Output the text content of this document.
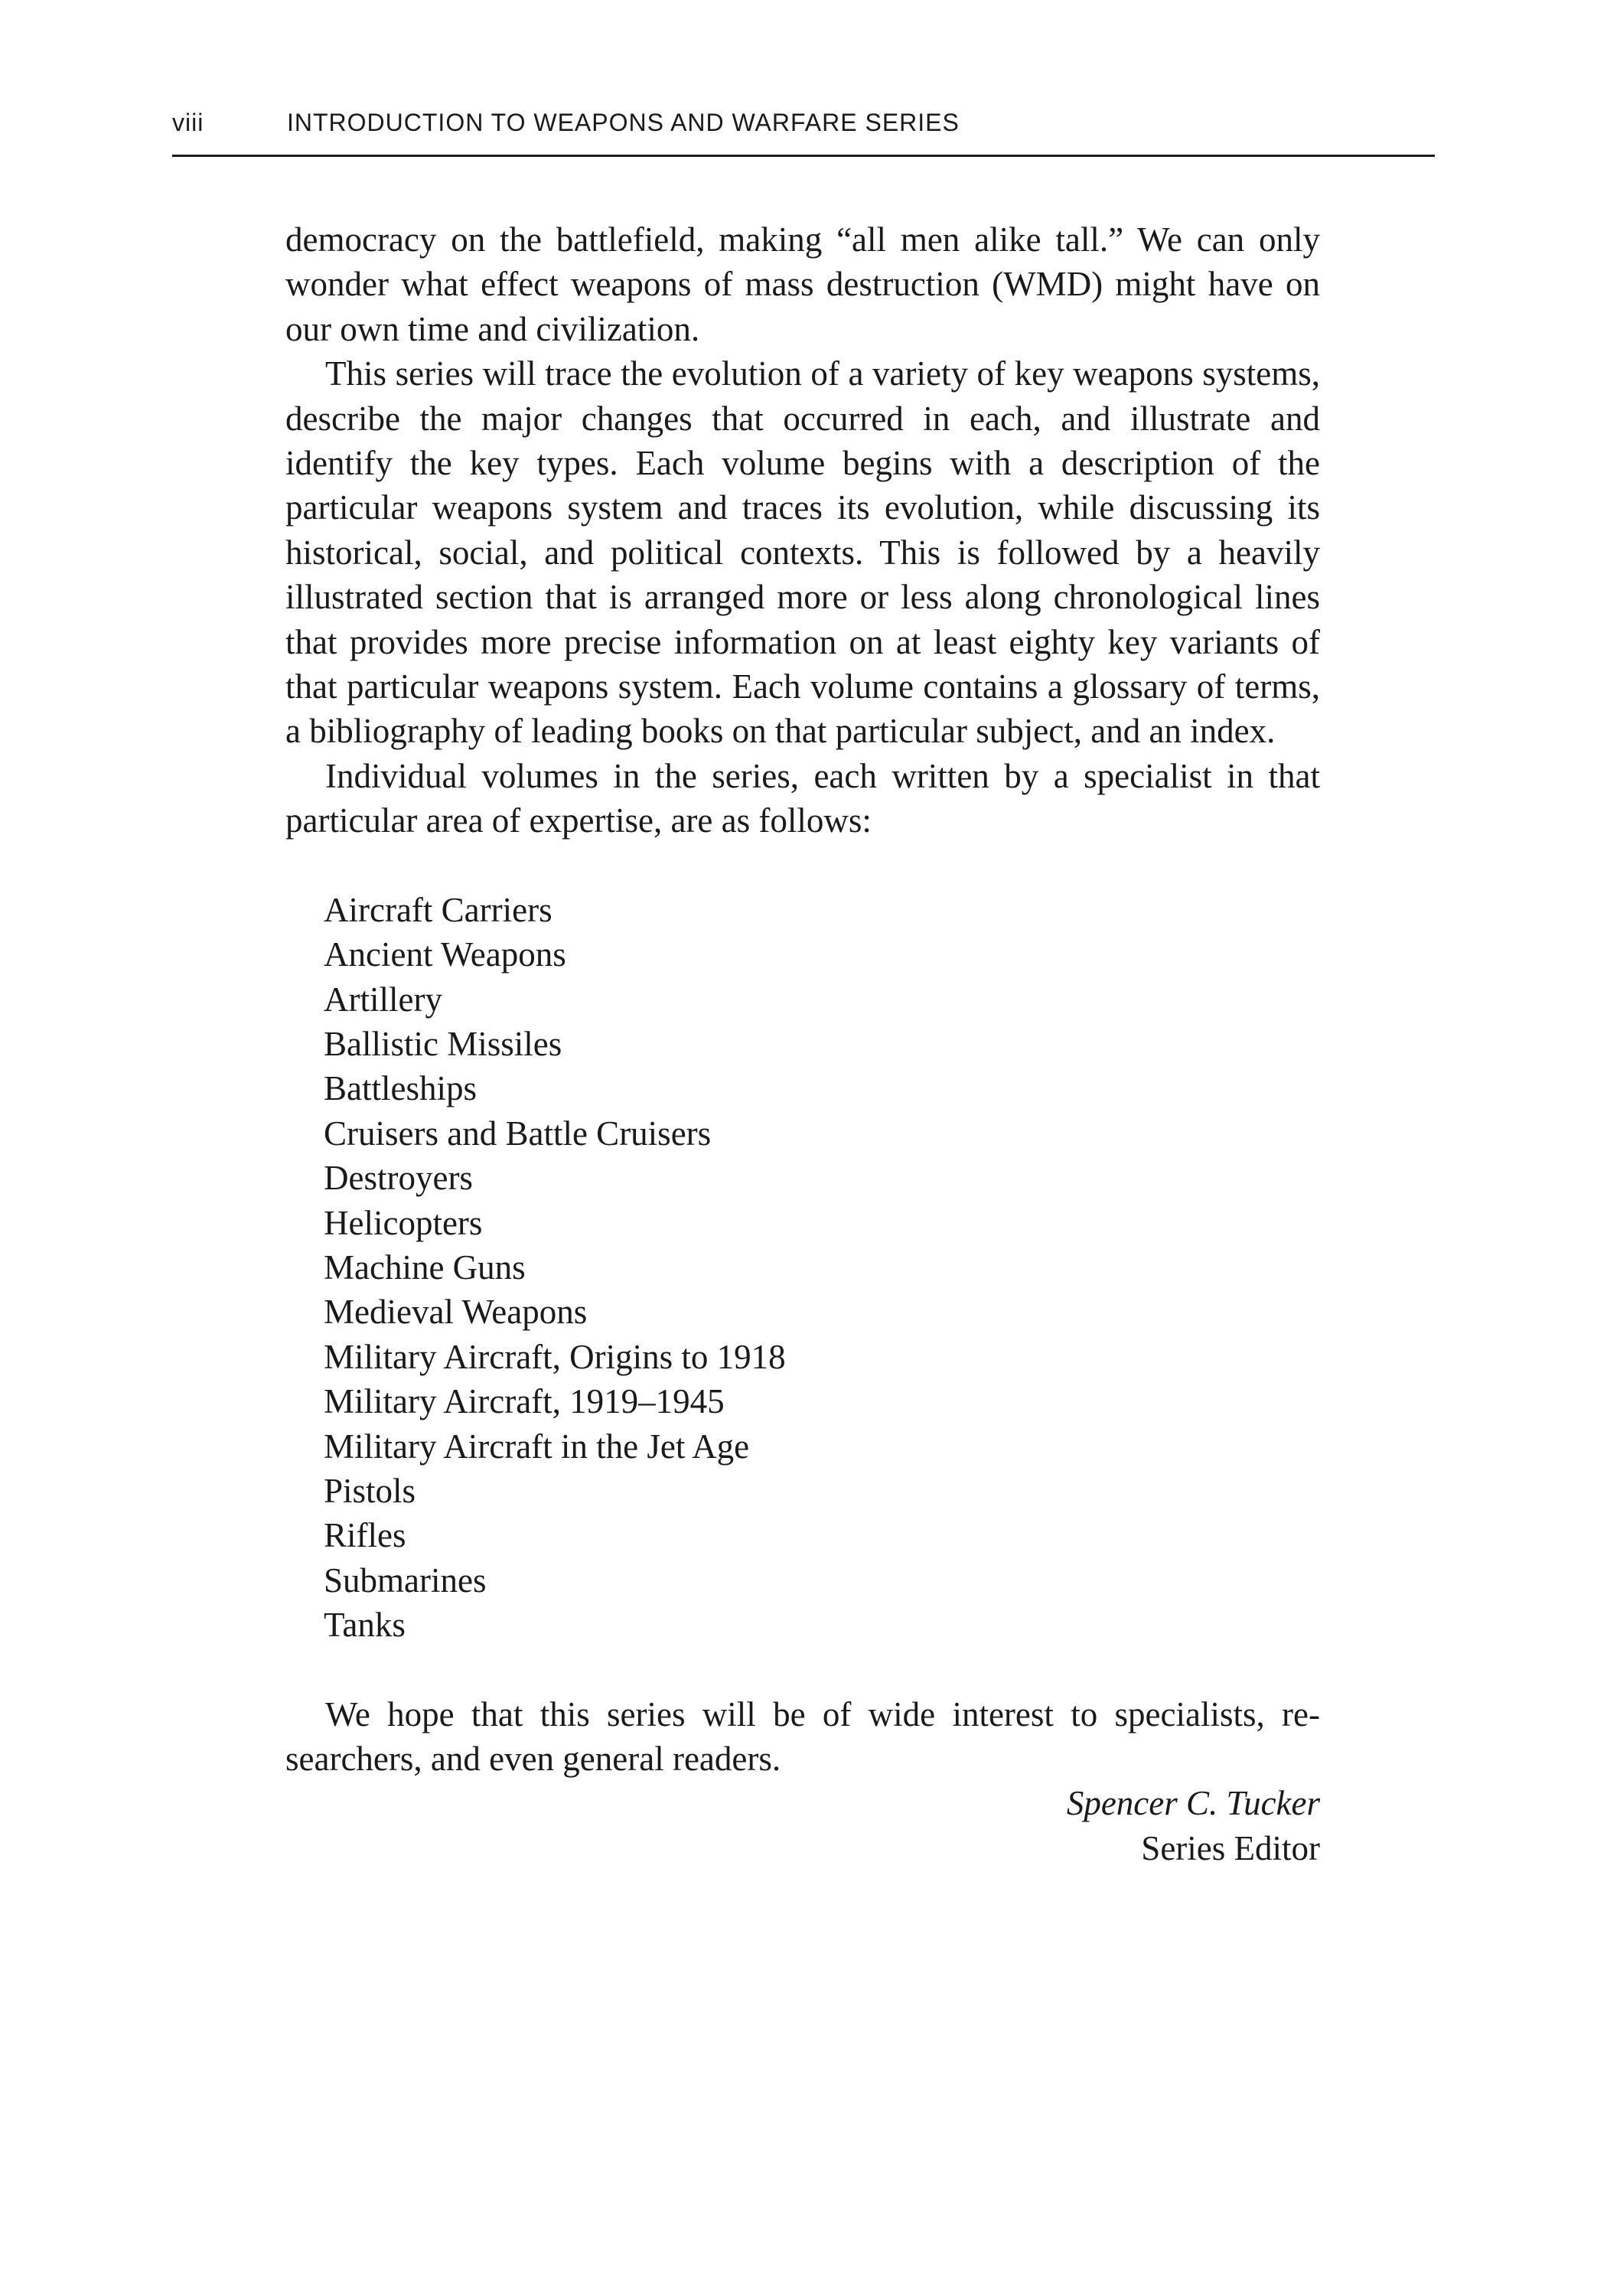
viii	INTRODUCTION TO WEAPONS AND WARFARE SERIES

democracy on the battlefield, making “all men alike tall.” We can only wonder what effect weapons of mass destruction (WMD) might have on our own time and civilization.

This series will trace the evolution of a variety of key weapons systems, describe the major changes that occurred in each, and illustrate and identify the key types. Each volume begins with a description of the particular weapons system and traces its evolution, while discussing its historical, social, and political contexts. This is followed by a heavily illustrated section that is arranged more or less along chronological lines that provides more precise information on at least eighty key variants of that particular weapons system. Each volume contains a glossary of terms, a bibliography of leading books on that particular subject, and an index.

Individual volumes in the series, each written by a specialist in that particular area of expertise, are as follows:

Aircraft Carriers
Ancient Weapons
Artillery
Ballistic Missiles
Battleships
Cruisers and Battle Cruisers
Destroyers
Helicopters
Machine Guns
Medieval Weapons
Military Aircraft, Origins to 1918
Military Aircraft, 1919–1945
Military Aircraft in the Jet Age
Pistols
Rifles
Submarines
Tanks

We hope that this series will be of wide interest to specialists, researchers, and even general readers.

Spencer C. Tucker
Series Editor
